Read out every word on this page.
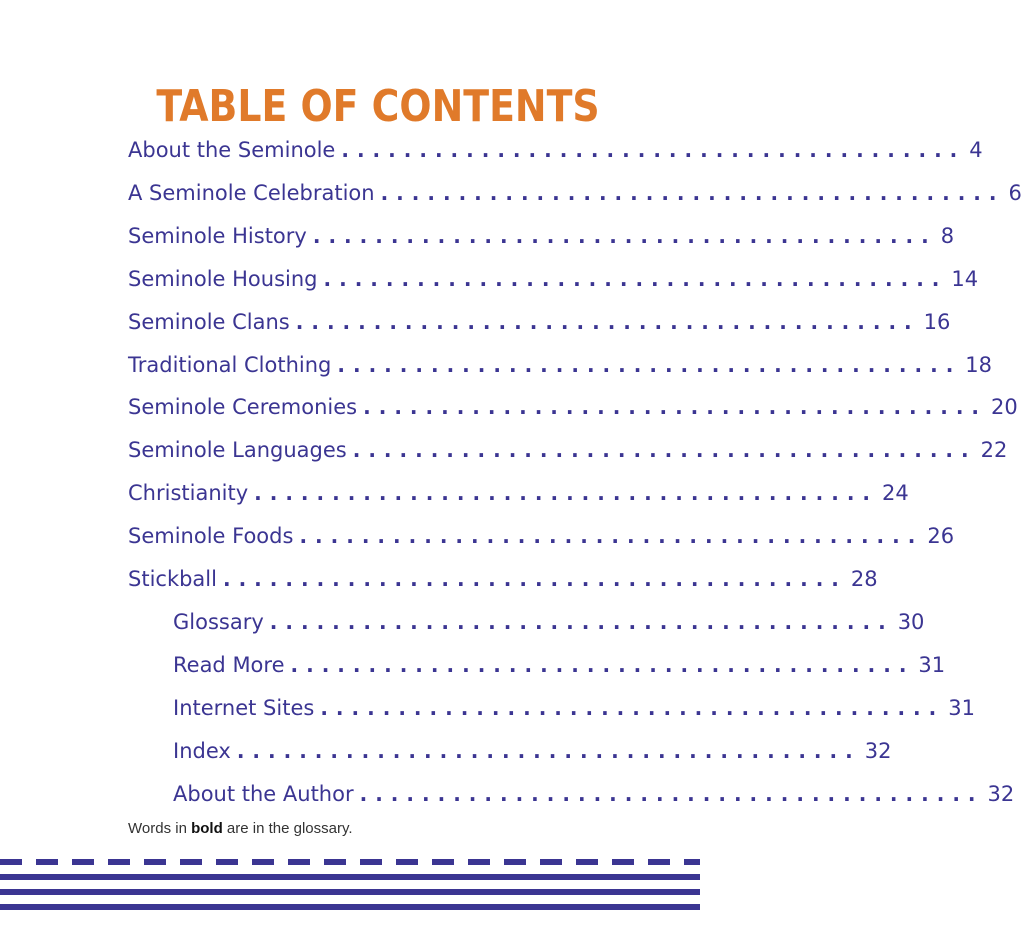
TABLE OF CONTENTS
About the Seminole ........................................ 4
A Seminole Celebration ........................................ 6
Seminole History ........................................ 8
Seminole Housing ........................................ 14
Seminole Clans ........................................ 16
Traditional Clothing ........................................ 18
Seminole Ceremonies ........................................ 20
Seminole Languages ........................................ 22
Christianity ........................................ 24
Seminole Foods ........................................ 26
Stickball ........................................ 28
Glossary ........................................ 30
Read More ........................................ 31
Internet Sites ........................................ 31
Index ........................................ 32
About the Author ........................................ 32
Words in bold are in the glossary.
